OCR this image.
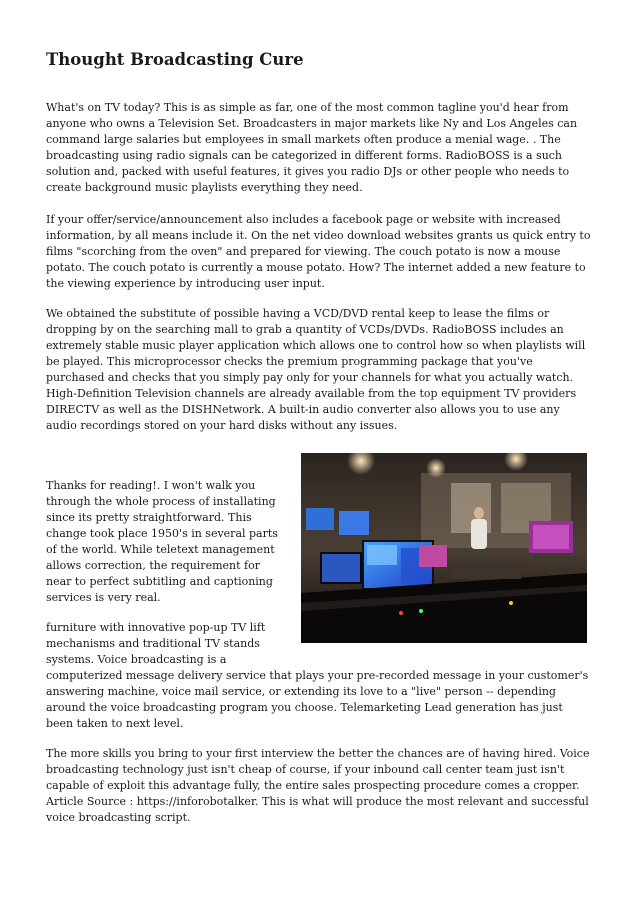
Thought Broadcasting Cure

What's on TV today? This is as simple as far, one of the most common tagline you'd hear from anyone who owns a Television Set. Broadcasters in major markets like Ny and Los Angeles can command large salaries but employees in small markets often produce a menial wage. . The broadcasting using radio signals can be categorized in different forms. RadioBOSS is a such solution and, packed with useful features, it gives you radio DJs or other people who needs to create background music playlists everything they need.

If your offer/service/announcement also includes a facebook page or website with increased information, by all means include it. On the net video download websites grants us quick entry to films "scorching from the oven" and prepared for viewing. The couch potato is now a mouse potato. The couch potato is currently a mouse potato. How? The internet added a new feature to the viewing experience by introducing user input.

We obtained the substitute of possible having a VCD/DVD rental keep to lease the films or dropping by on the searching mall to grab a quantity of VCDs/DVDs. RadioBOSS includes an extremely stable music player application which allows one to control how so when playlists will be played. This microprocessor checks the premium programming package that you've purchased and checks that you simply pay only for your channels for what you actually watch. High-Definition Television channels are already available from the top equipment TV providers DIRECTV as well as the DISHNetwork. A built-in audio converter also allows you to use any audio recordings stored on your hard disks without any issues.

Thanks for reading!. I won't walk you through the whole process of installating since its pretty straightforward. This change took place 1950's in several parts of the world. While teletext management allows correction, the requirement for near to perfect subtitling and captioning services is very real.

furniture with innovative pop-up TV lift mechanisms and traditional TV stands systems. Voice broadcasting is a

computerized message delivery service that plays your pre-recorded message in your customer's answering machine, voice mail service, or extending its love to a "live" person -- depending around the voice broadcasting program you choose. Telemarketing Lead generation has just been taken to next level.

The more skills you bring to your first interview the better the chances are of having hired. Voice broadcasting technology just isn't cheap of course, if your inbound call center team just isn't capable of exploit this advantage fully, the entire sales prospecting procedure comes a cropper. Article Source : https://inforobotalker. This is what will produce the most relevant and successful voice broadcasting script.
